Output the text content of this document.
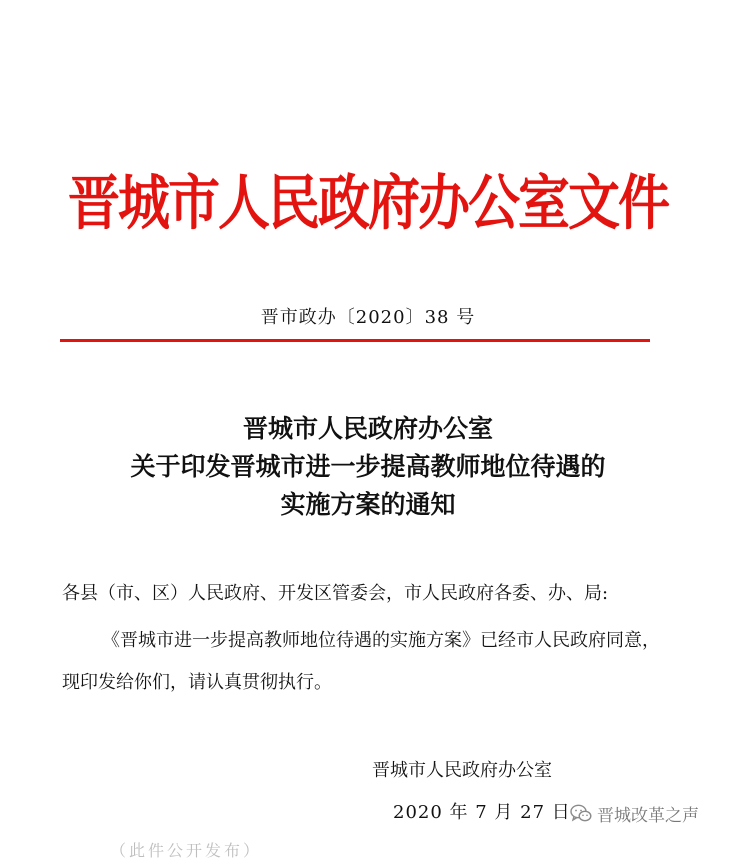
晋城市人民政府办公室文件
晋市政办〔2020〕38 号
晋城市人民政府办公室
关于印发晋城市进一步提高教师地位待遇的
实施方案的通知
各县（市、区）人民政府、开发区管委会，市人民政府各委、办、局:
《晋城市进一步提高教师地位待遇的实施方案》已经市人民政府同意，现印发给你们，请认真贯彻执行。
晋城市人民政府办公室
2020 年 7 月 27 日
（此件公开发布）
晋城改革之声
